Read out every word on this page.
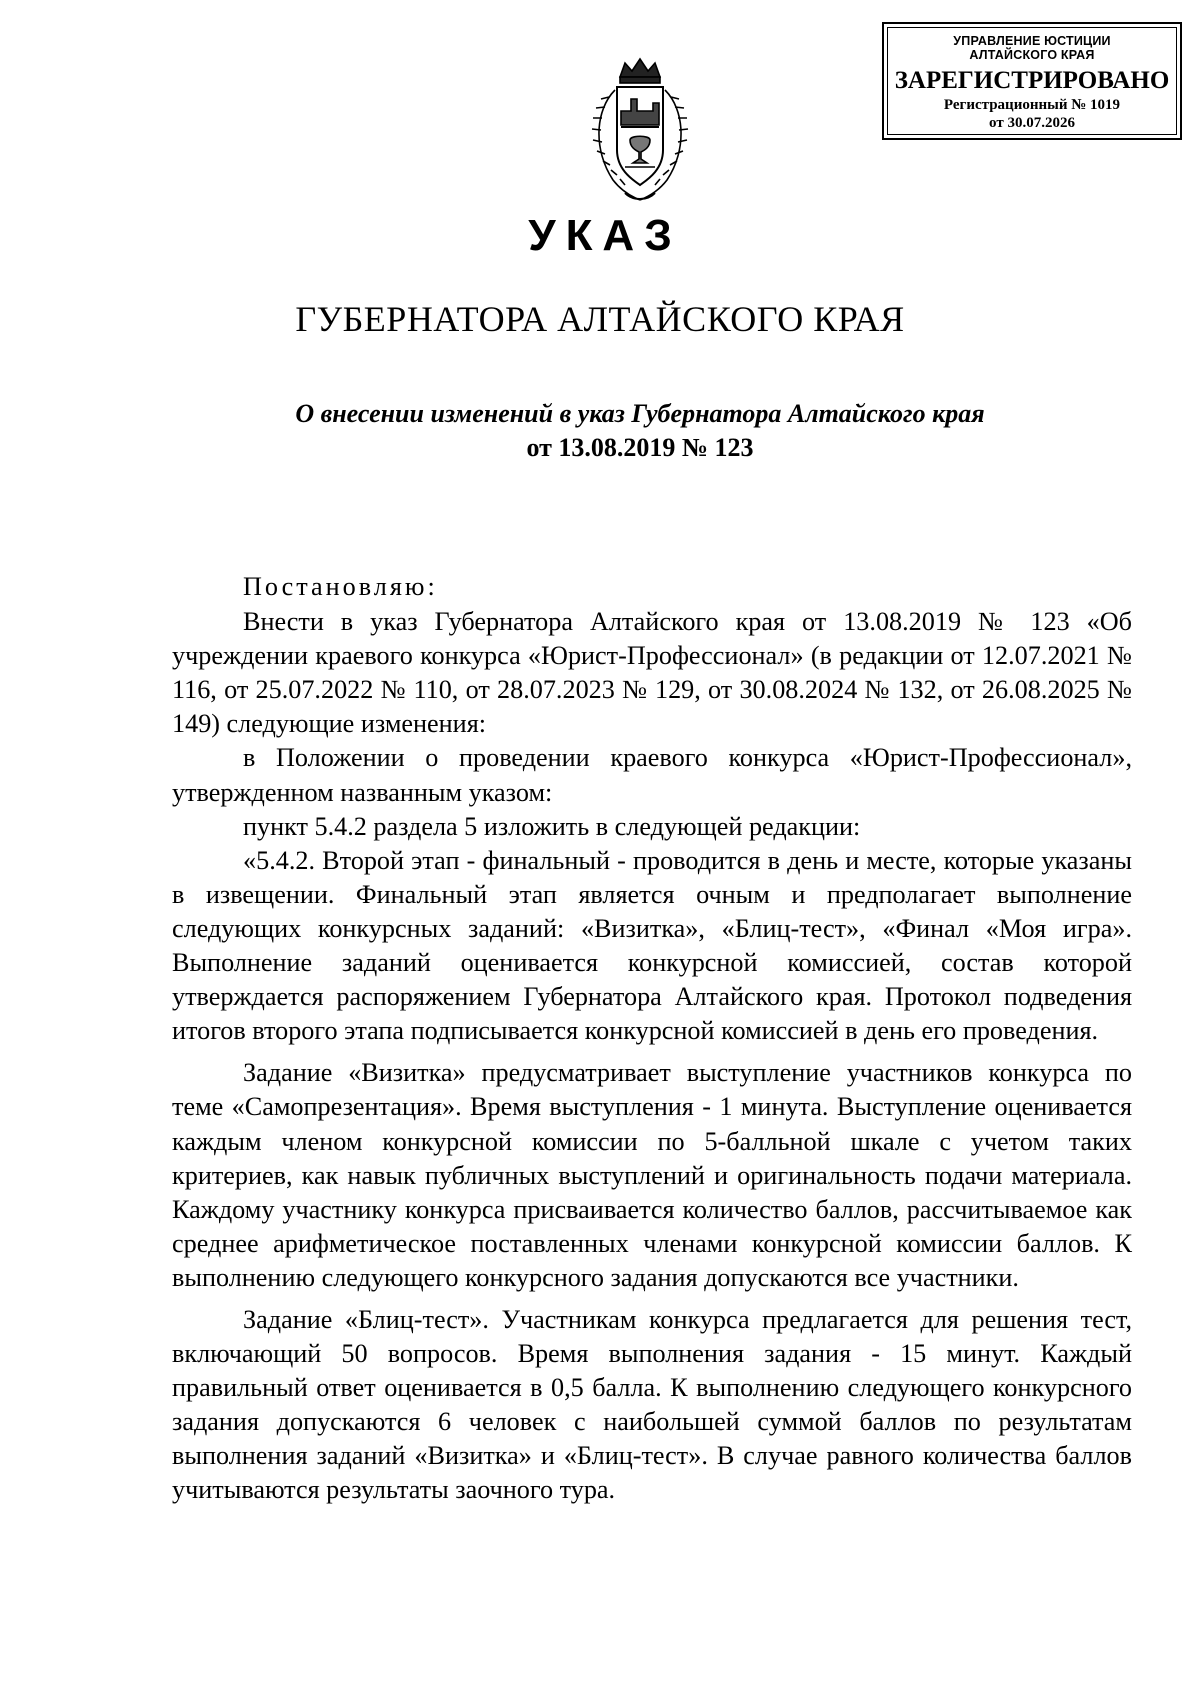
УПРАВЛЕНИЕ ЮСТИЦИИ
АЛТАЙСКОГО КРАЯ
ЗАРЕГИСТРИРОВАНО
Регистрационный № 1019
от 30.07.2026
УКАЗ
ГУБЕРНАТОРА АЛТАЙСКОГО КРАЯ
О внесении изменений в указ Губернатора Алтайского края
от 13.08.2019 № 123

Постановляю:

Внести в указ Губернатора Алтайского края от 13.08.2019 № 123 «Об учреждении краевого конкурса «Юрист-Профессионал» (в редакции от 12.07.2021 № 116, от 25.07.2022 № 110, от 28.07.2023 № 129, от 30.08.2024 № 132, от 26.08.2025 № 149) следующие изменения:

в Положении о проведении краевого конкурса «Юрист-Профессионал», утвержденном названным указом:

пункт 5.4.2 раздела 5 изложить в следующей редакции:

«5.4.2. Второй этап - финальный - проводится в день и месте, которые указаны в извещении. Финальный этап является очным и предполагает выполнение следующих конкурсных заданий: «Визитка», «Блиц-тест», «Финал «Моя игра». Выполнение заданий оценивается конкурсной комиссией, состав которой утверждается распоряжением Губернатора Алтайского края. Протокол подведения итогов второго этапа подписывается конкурсной комиссией в день его проведения.

Задание «Визитка» предусматривает выступление участников конкурса по теме «Самопрезентация». Время выступления - 1 минута. Выступление оценивается каждым членом конкурсной комиссии по 5-балльной шкале с учетом таких критериев, как навык публичных выступлений и оригинальность подачи материала. Каждому участнику конкурса присваивается количество баллов, рассчитываемое как среднее арифметическое поставленных членами конкурсной комиссии баллов. К выполнению следующего конкурсного задания допускаются все участники.

Задание «Блиц-тест». Участникам конкурса предлагается для решения тест, включающий 50 вопросов. Время выполнения задания - 15 минут. Каждый правильный ответ оценивается в 0,5 балла. К выполнению следующего конкурсного задания допускаются 6 человек с наибольшей суммой баллов по результатам выполнения заданий «Визитка» и «Блиц-тест». В случае равного количества баллов учитываются результаты заочного тура.
